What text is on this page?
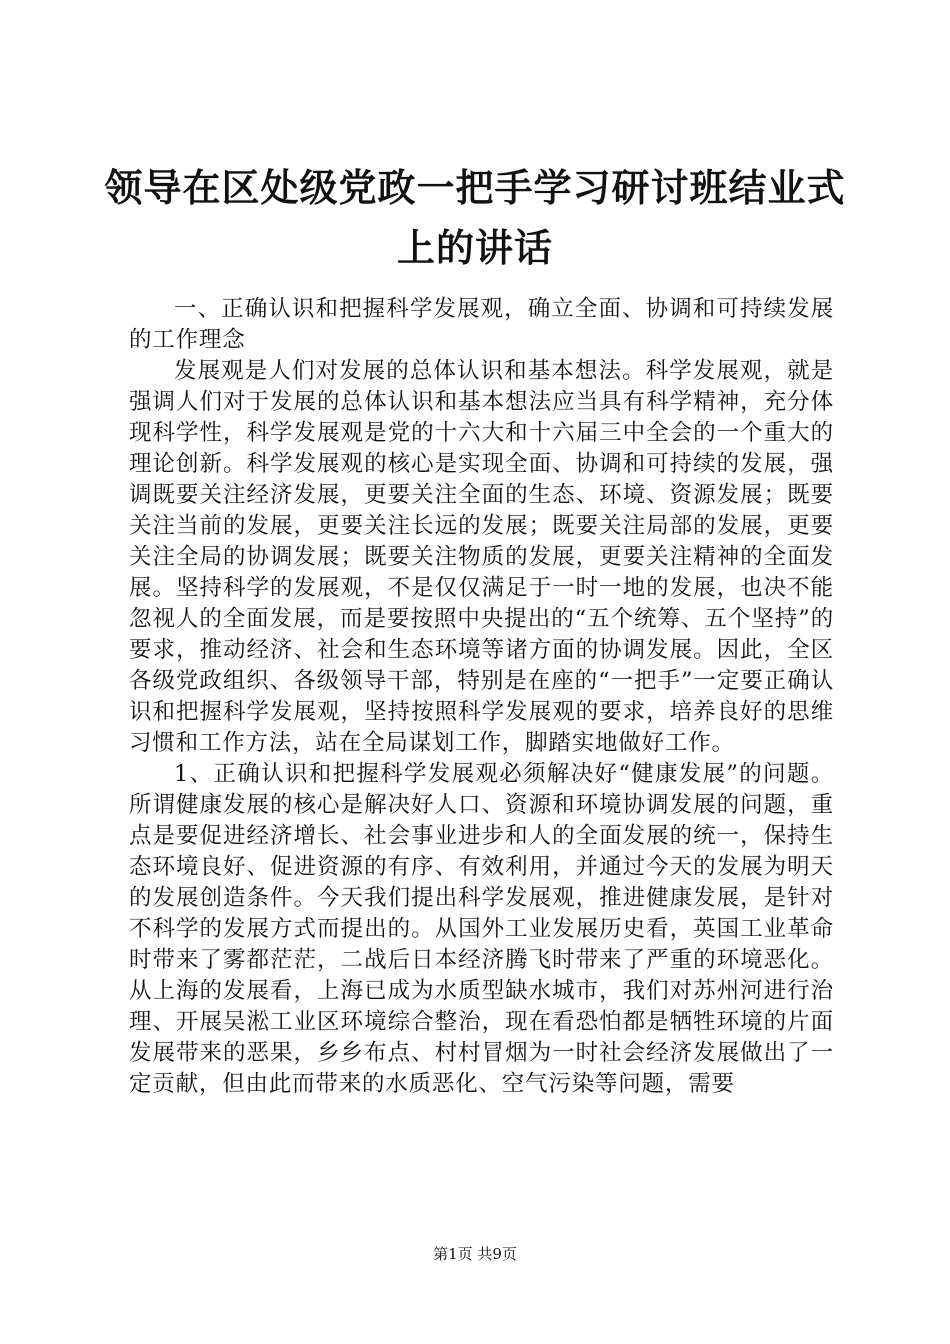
领导在区处级党政一把手学习研讨班结业式上的讲话

一、正确认识和把握科学发展观，确立全面、协调和可持续发展的工作理念

发展观是人们对发展的总体认识和基本想法。科学发展观，就是强调人们对于发展的总体认识和基本想法应当具有科学精神，充分体现科学性，科学发展观是党的十六大和十六届三中全会的一个重大的理论创新。科学发展观的核心是实现全面、协调和可持续的发展，强调既要关注经济发展，更要关注全面的生态、环境、资源发展；既要关注当前的发展，更要关注长远的发展；既要关注局部的发展，更要关注全局的协调发展；既要关注物质的发展，更要关注精神的全面发展。坚持科学的发展观，不是仅仅满足于一时一地的发展，也决不能忽视人的全面发展，而是要按照中央提出的“五个统筹、五个坚持”的要求，推动经济、社会和生态环境等诸方面的协调发展。因此，全区各级党政组织、各级领导干部，特别是在座的“一把手”一定要正确认识和把握科学发展观，坚持按照科学发展观的要求，培养良好的思维习惯和工作方法，站在全局谋划工作，脚踏实地做好工作。

1、正确认识和把握科学发展观必须解决好“健康发展”的问题。所谓健康发展的核心是解决好人口、资源和环境协调发展的问题，重点是要促进经济增长、社会事业进步和人的全面发展的统一，保持生态环境良好、促进资源的有序、有效利用，并通过今天的发展为明天的发展创造条件。今天我们提出科学发展观，推进健康发展，是针对不科学的发展方式而提出的。从国外工业发展历史看，英国工业革命时带来了雾都茫茫，二战后日本经济腾飞时带来了严重的环境恶化。从上海的发展看，上海已成为水质型缺水城市，我们对苏州河进行治理、开展吴淞工业区环境综合整治，现在看恐怕都是牺牲环境的片面发展带来的恶果，乡乡布点、村村冒烟为一时社会经济发展做出了一定贡献，但由此而带来的水质恶化、空气污染等问题，需要

第1页 共9页
